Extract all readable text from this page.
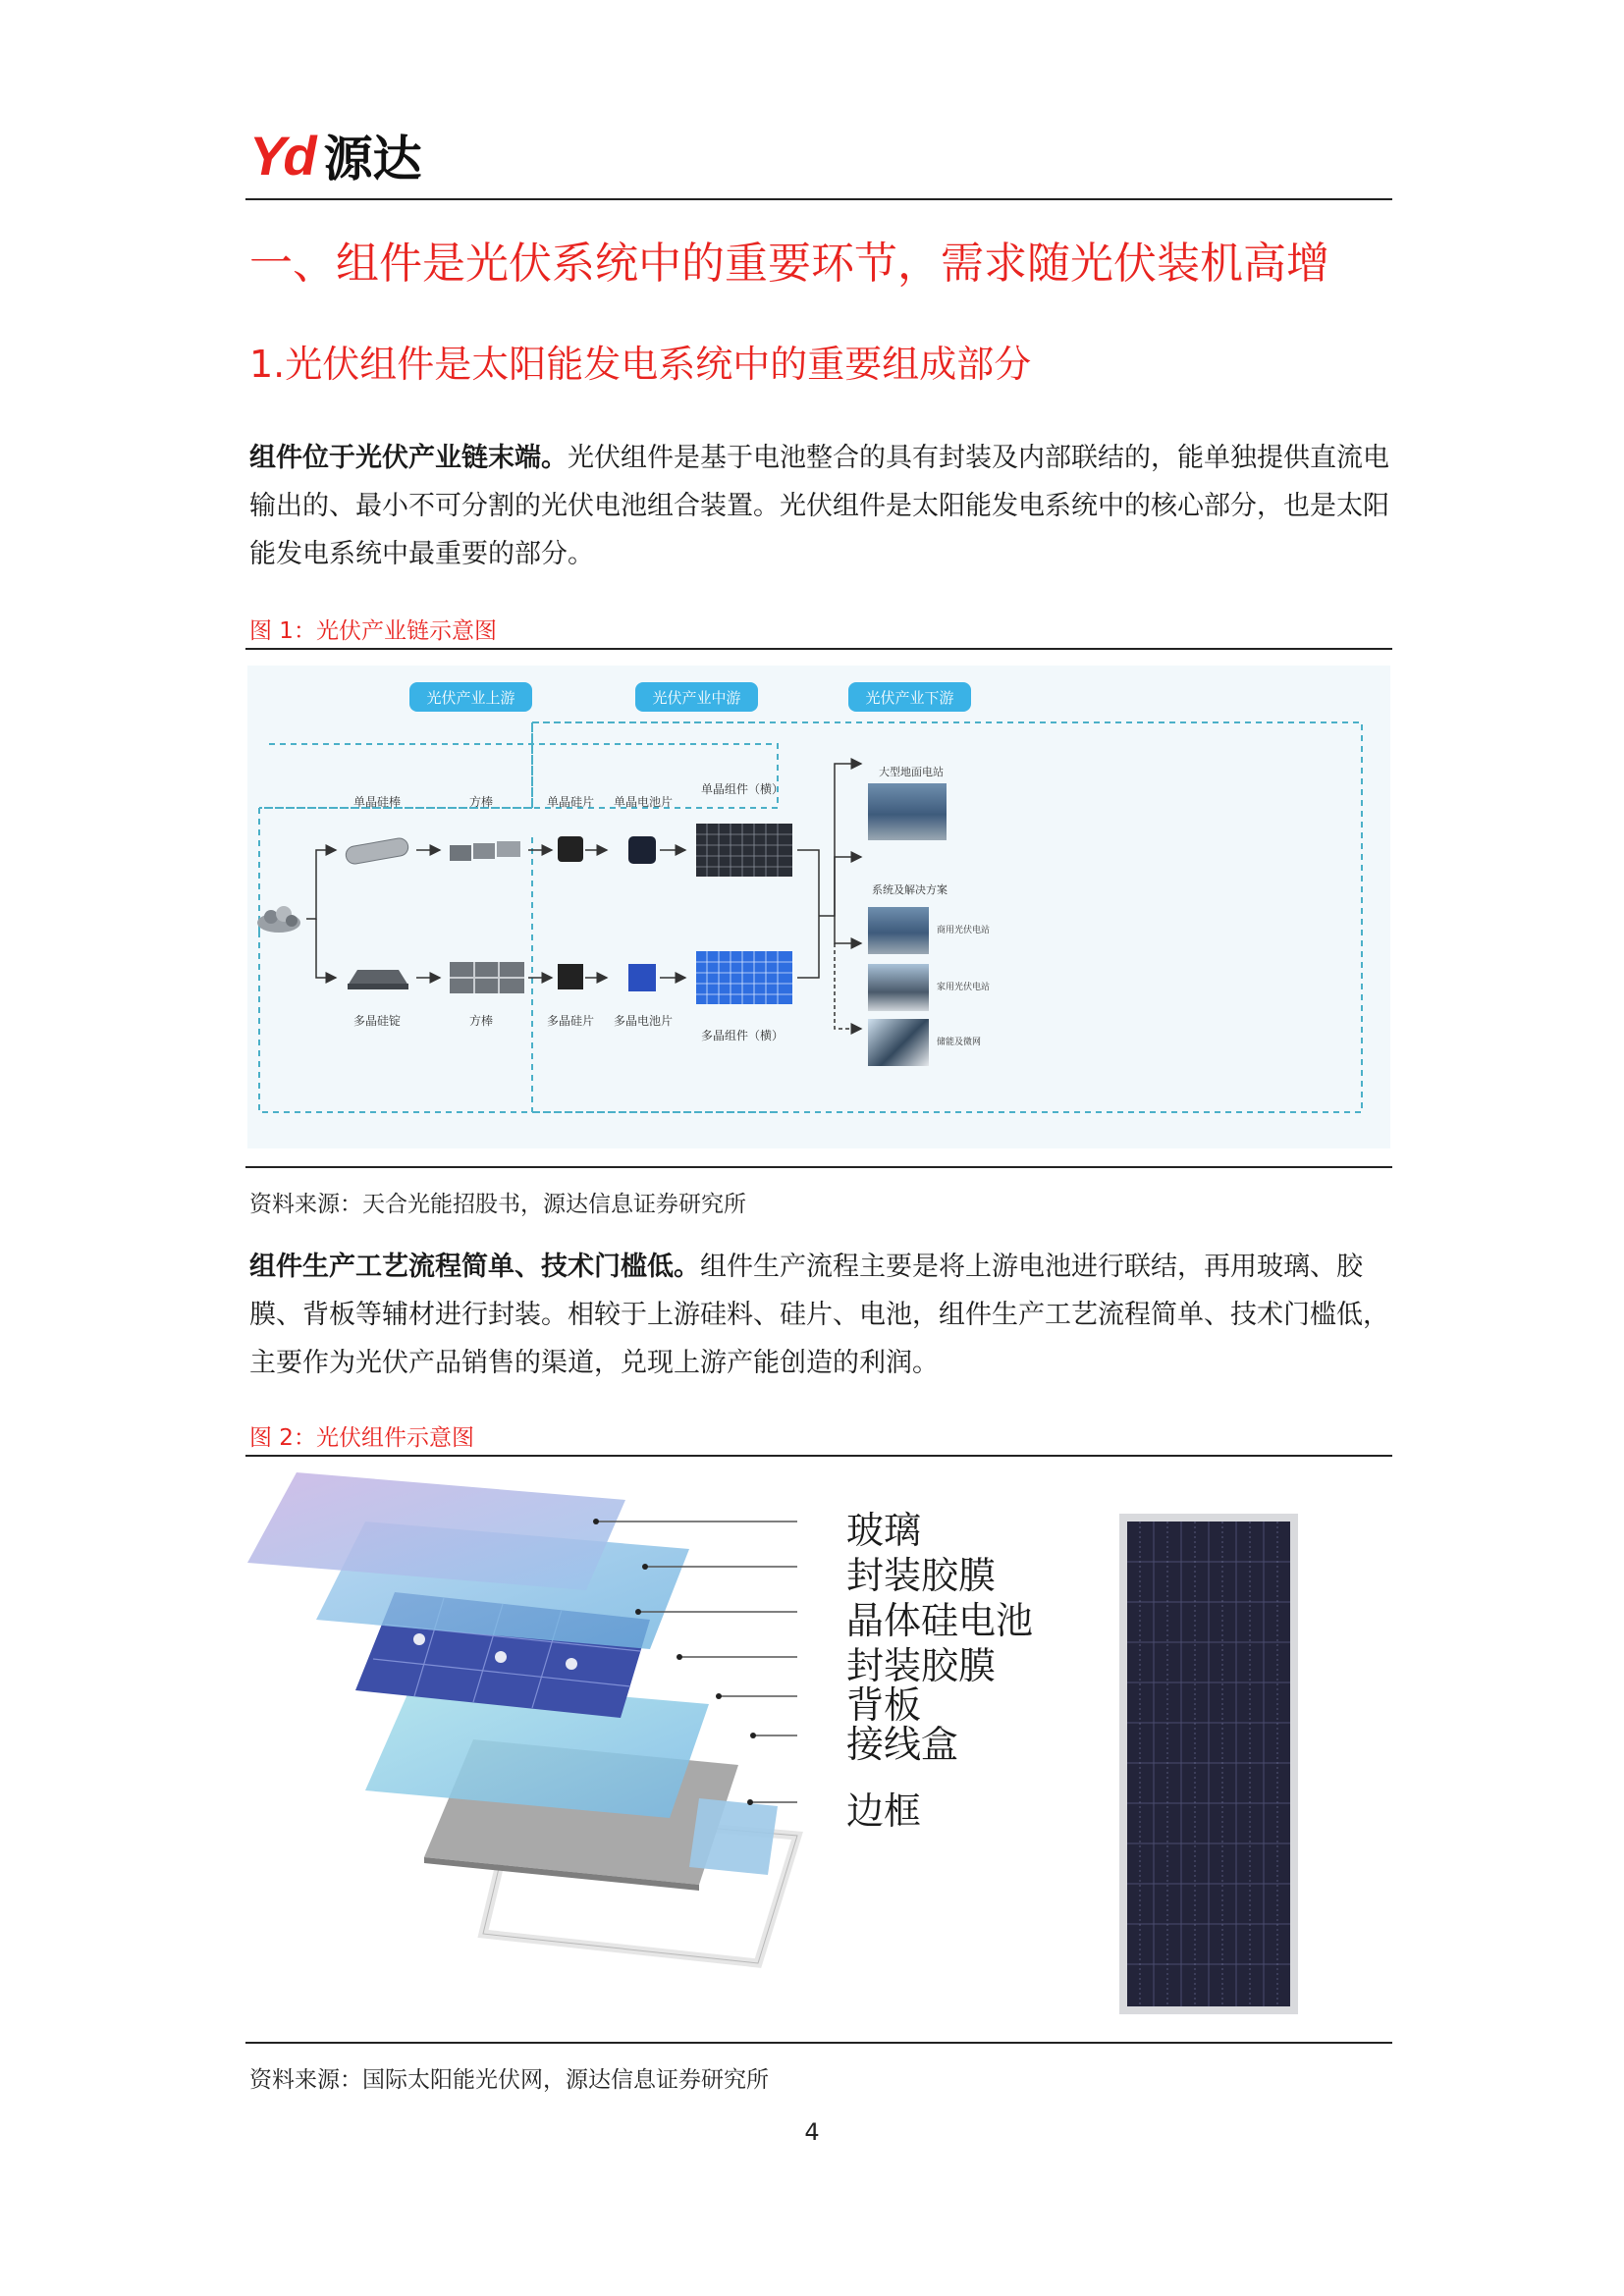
Yd 源达
一、组件是光伏系统中的重要环节，需求随光伏装机高增
1.光伏组件是太阳能发电系统中的重要组成部分
组件位于光伏产业链末端。光伏组件是基于电池整合的具有封装及内部联结的，能单独提供直流电输出的、最小不可分割的光伏电池组合装置。光伏组件是太阳能发电系统中的核心部分，也是太阳能发电系统中最重要的部分。
图 1：光伏产业链示意图
光伏产业上游	光伏产业中游	光伏产业下游
单晶硅棒	方棒	单晶硅片 单晶电池片
单晶组件（横）
多晶硅锭	方棒	多晶硅片 多晶电池片
多晶组件（横）
大型地面电站
系统及解决方案
商用光伏电站
家用光伏电站
储能及微网
资料来源：天合光能招股书，源达信息证券研究所
组件生产工艺流程简单、技术门槛低。组件生产流程主要是将上游电池进行联结，再用玻璃、胶膜、背板等辅材进行封装。相较于上游硅料、硅片、电池，组件生产工艺流程简单、技术门槛低，主要作为光伏产品销售的渠道，兑现上游产能创造的利润。
图 2：光伏组件示意图
玻璃
封装胶膜
晶体硅电池
封装胶膜
背板
接线盒
边框
资料来源：国际太阳能光伏网，源达信息证券研究所
4
